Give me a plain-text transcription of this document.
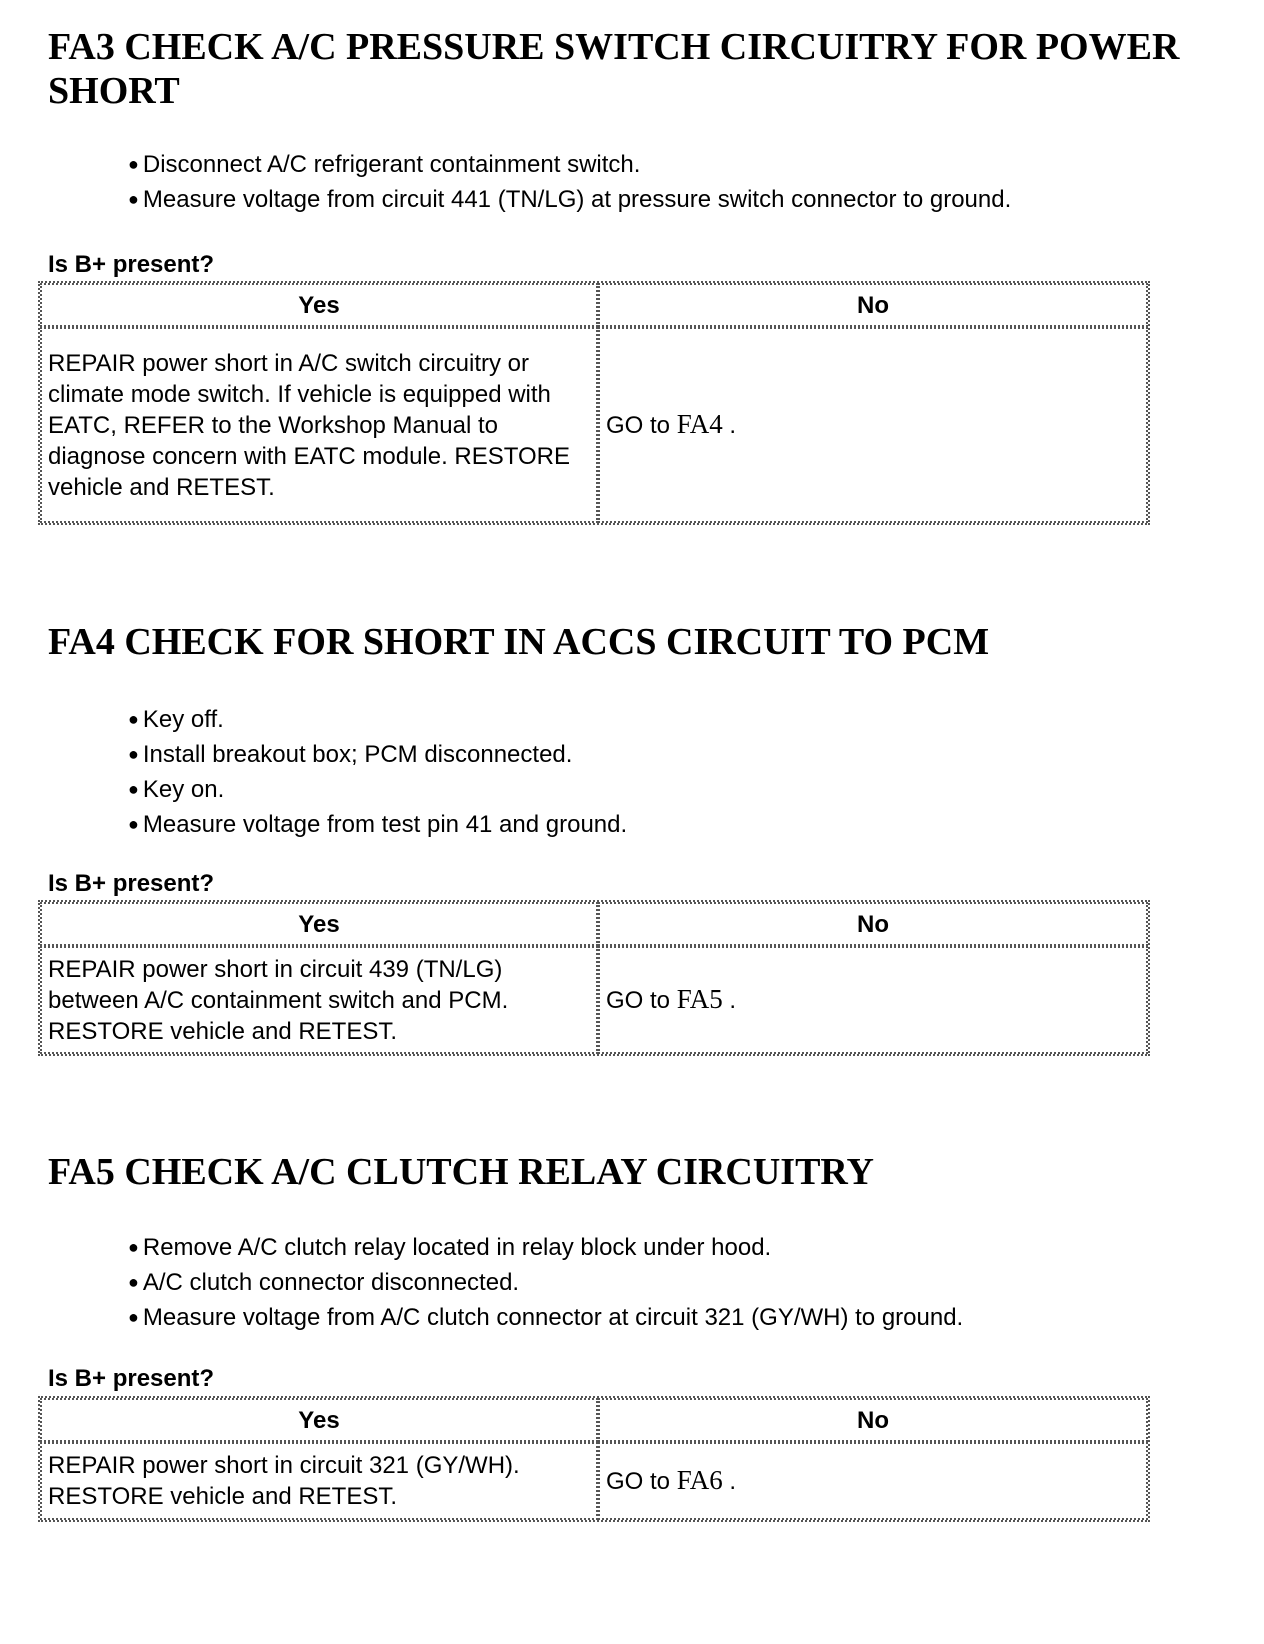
FA3 CHECK A/C PRESSURE SWITCH CIRCUITRY FOR POWER SHORT
● Disconnect A/C refrigerant containment switch.
● Measure voltage from circuit 441 (TN/LG) at pressure switch connector to ground.

Is B+ present?

Yes	No
REPAIR power short in A/C switch circuitry or climate mode switch. If vehicle is equipped with EATC, REFER to the Workshop Manual to diagnose concern with EATC module. RESTORE vehicle and RETEST.	GO to FA4 .
FA4 CHECK FOR SHORT IN ACCS CIRCUIT TO PCM
● Key off.
● Install breakout box; PCM disconnected.
● Key on.
● Measure voltage from test pin 41 and ground.

Is B+ present?

Yes	No
REPAIR power short in circuit 439 (TN/LG) between A/C containment switch and PCM. RESTORE vehicle and RETEST.	GO to FA5 .
FA5 CHECK A/C CLUTCH RELAY CIRCUITRY
● Remove A/C clutch relay located in relay block under hood.
● A/C clutch connector disconnected.
● Measure voltage from A/C clutch connector at circuit 321 (GY/WH) to ground.

Is B+ present?

Yes	No
REPAIR power short in circuit 321 (GY/WH). RESTORE vehicle and RETEST.	GO to FA6 .
